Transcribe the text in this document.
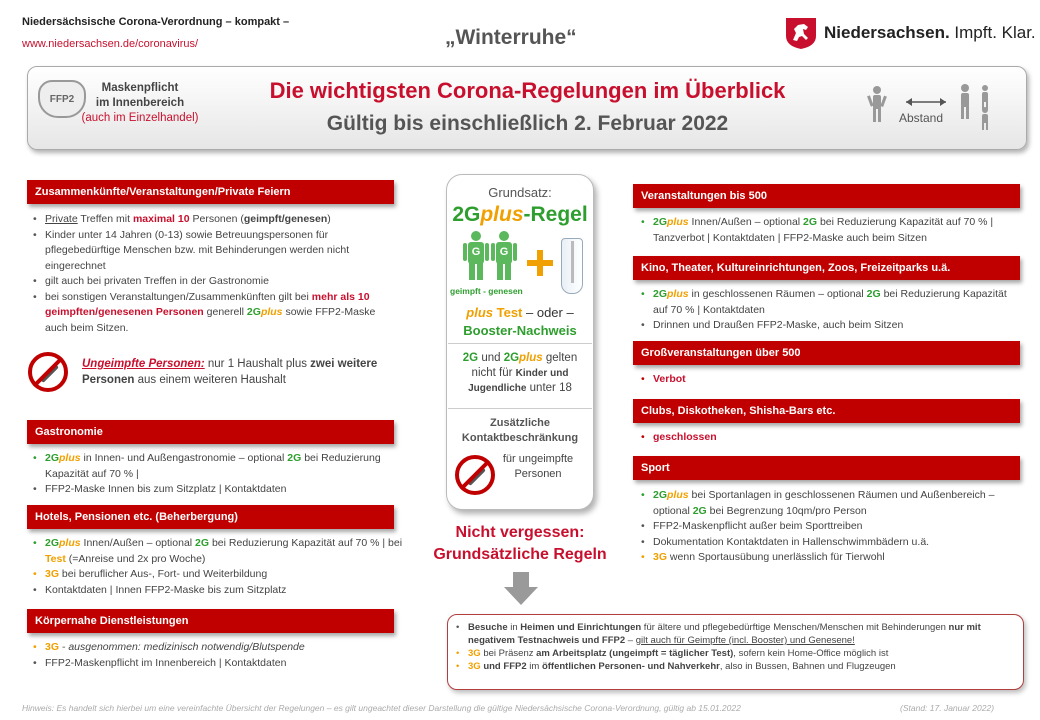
Niedersächsische Corona-Verordnung – kompakt –
www.niedersachsen.de/coronavirus/	„Winterruhe“	Niedersachsen. Impft. Klar.
FFP2
Maskenpflicht
im Innenbereich
(auch im Einzelhandel)
Die wichtigsten Corona-Regelungen im Überblick
Gültig bis einschließlich 2. Februar 2022	Abstand
Zusammenkünfte/Veranstaltungen/Private Feiern
• Private Treffen mit maximal 10 Personen (geimpft/genesen)
• Kinder unter 14 Jahren (0-13) sowie Betreuungspersonen für pflegebedürftige Menschen bzw. mit Behinderungen werden nicht eingerechnet
• gilt auch bei privaten Treffen in der Gastronomie
• bei sonstigen Veranstaltungen/Zusammenkünften gilt bei mehr als 10 geimpften/genesenen Personen generell 2Gplus sowie FFP2-Maske auch beim Sitzen.
Ungeimpfte Personen: nur 1 Haushalt plus zwei weitere Personen aus einem weiteren Haushalt
Gastronomie
• 2Gplus in Innen- und Außengastronomie – optional 2G bei Reduzierung Kapazität auf 70 % |
• FFP2-Maske Innen bis zum Sitzplatz | Kontaktdaten
Hotels, Pensionen etc. (Beherbergung)
• 2Gplus Innen/Außen – optional 2G bei Reduzierung Kapazität auf 70 % | bei Test (=Anreise und 2x pro Woche)
• 3G bei beruflicher Aus-, Fort- und Weiterbildung
• Kontaktdaten | Innen FFP2-Maske bis zum Sitzplatz
Körpernahe Dienstleistungen
• 3G - ausgenommen: medizinisch notwendig/Blutspende
• FFP2-Maskenpflicht im Innenbereich | Kontaktdaten
Grundsatz:
2Gplus-Regel
G	G
geimpft - genesen
plus Test – oder –
Booster-Nachweis
2G und 2Gplus gelten nicht für Kinder und Jugendliche unter 18
Zusätzliche Kontaktbeschränkung
für ungeimpfte Personen
Nicht vergessen:
Grundsätzliche Regeln
Veranstaltungen bis 500
• 2Gplus Innen/Außen – optional 2G bei Reduzierung Kapazität auf 70 % | Tanzverbot | Kontaktdaten | FFP2-Maske auch beim Sitzen
Kino, Theater, Kultureinrichtungen, Zoos, Freizeitparks u.ä.
• 2Gplus in geschlossenen Räumen – optional 2G bei Reduzierung Kapazität auf 70 % | Kontaktdaten
• Drinnen und Draußen FFP2-Maske, auch beim Sitzen
Großveranstaltungen über 500
• Verbot
Clubs, Diskotheken, Shisha-Bars etc.
• geschlossen
Sport
• 2Gplus bei Sportanlagen in geschlossenen Räumen und Außenbereich – optional 2G bei Begrenzung 10qm/pro Person
• FFP2-Maskenpflicht außer beim Sporttreiben
• Dokumentation Kontaktdaten in Hallenschwimmbädern u.ä.
• 3G wenn Sportausübung unerlässlich für Tierwohl
• Besuche in Heimen und Einrichtungen für ältere und pflegebedürftige Menschen/Menschen mit Behinderungen nur mit negativem Testnachweis und FFP2 – gilt auch für Geimpfte (incl. Booster) und Genesene!
• 3G bei Präsenz am Arbeitsplatz (ungeimpft = täglicher Test), sofern kein Home-Office möglich ist
• 3G und FFP2 im öffentlichen Personen- und Nahverkehr, also in Bussen, Bahnen und Flugzeugen
Hinweis: Es handelt sich hierbei um eine vereinfachte Übersicht der Regelungen – es gilt ungeachtet dieser Darstellung die gültige Niedersächsische Corona-Verordnung, gültig ab 15.01.2022	(Stand: 17. Januar 2022)
